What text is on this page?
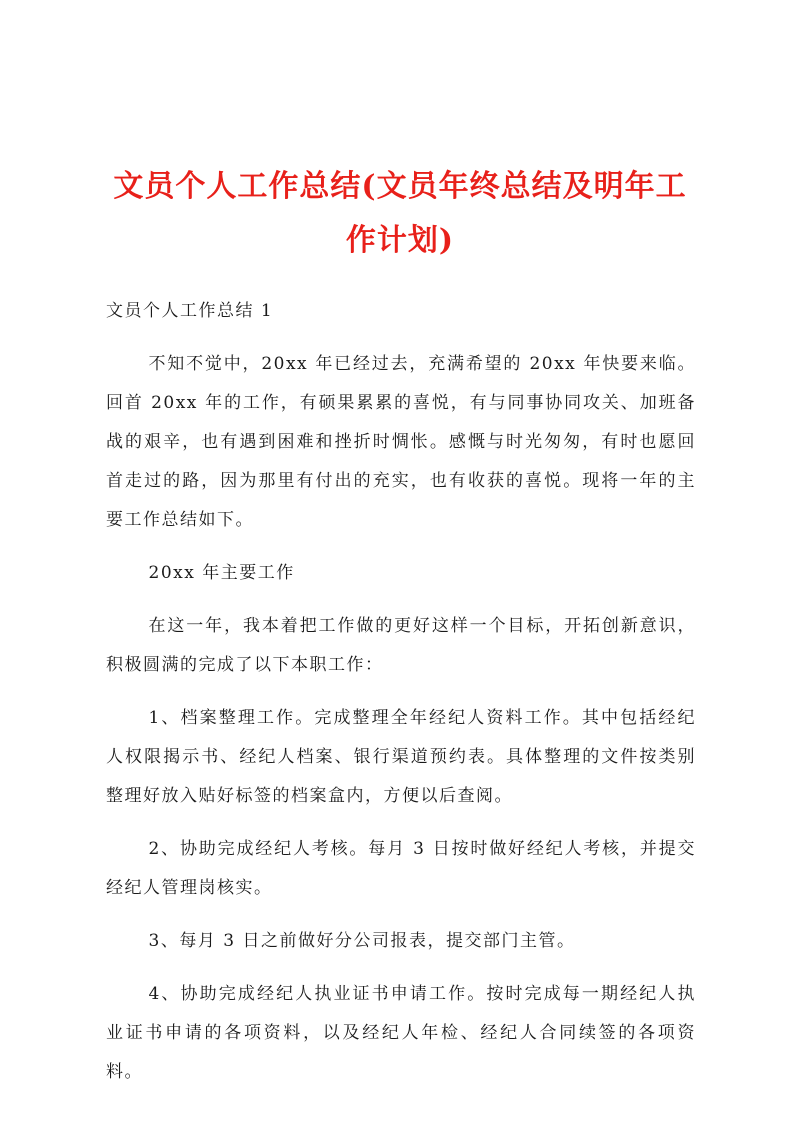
文员个人工作总结(文员年终总结及明年工作计划)

文员个人工作总结 1

不知不觉中，20xx 年已经过去，充满希望的 20xx 年快要来临。回首 20xx 年的工作，有硕果累累的喜悦，有与同事协同攻关、加班备战的艰辛，也有遇到困难和挫折时惆怅。感慨与时光匆匆，有时也愿回首走过的路，因为那里有付出的充实，也有收获的喜悦。现将一年的主要工作总结如下。

20xx 年主要工作

在这一年，我本着把工作做的更好这样一个目标，开拓创新意识，积极圆满的完成了以下本职工作：

1、档案整理工作。完成整理全年经纪人资料工作。其中包括经纪人权限揭示书、经纪人档案、银行渠道预约表。具体整理的文件按类别整理好放入贴好标签的档案盒内，方便以后查阅。

2、协助完成经纪人考核。每月 3 日按时做好经纪人考核，并提交经纪人管理岗核实。

3、每月 3 日之前做好分公司报表，提交部门主管。

4、协助完成经纪人执业证书申请工作。按时完成每一期经纪人执业证书申请的各项资料，以及经纪人年检、经纪人合同续签的各项资料。
